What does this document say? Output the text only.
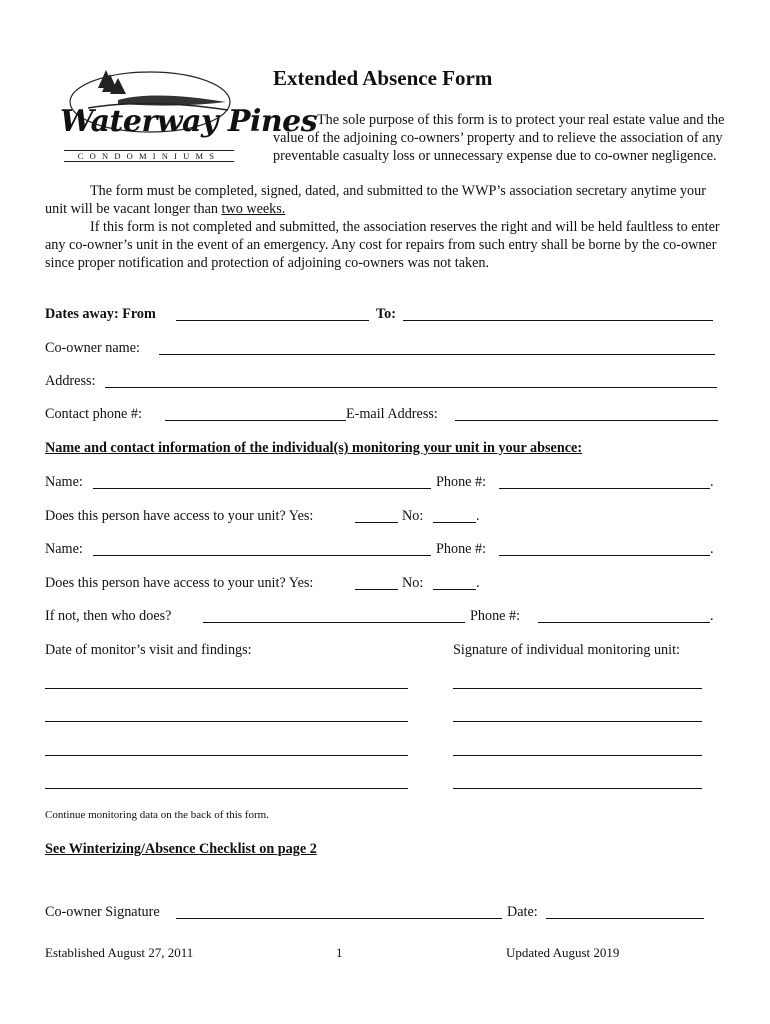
Waterway Pines
CONDOMINIUMS
Extended Absence Form
The sole purpose of this form is to protect your real estate value and the value of the adjoining co-owners’ property and to relieve the association of any preventable casualty loss or unnecessary expense due to co-owner negligence.
The form must be completed, signed, dated, and submitted to the WWP’s association secretary anytime your unit will be vacant longer than two weeks.
If this form is not completed and submitted, the association reserves the right and will be held faultless to enter any co-owner’s unit in the event of an emergency. Any cost for repairs from such entry shall be borne by the co-owner since proper notification and protection of adjoining co-owners was not taken.
Dates away: From	To:
Co-owner name:
Address:
Contact phone #:	E-mail Address:
Name and contact information of the individual(s) monitoring your unit in your absence:
Name:	Phone #:	.
Does this person have access to your unit? Yes:	No:	.
Name:	Phone #:	.
Does this person have access to your unit? Yes:	No:	.
If not, then who does?	Phone #:	.
Date of monitor’s visit and findings:	Signature of individual monitoring unit:
Continue monitoring data on the back of this form.
See Winterizing/Absence Checklist on page 2
Co-owner Signature	Date:
Established August 27, 2011	1	Updated August 2019
